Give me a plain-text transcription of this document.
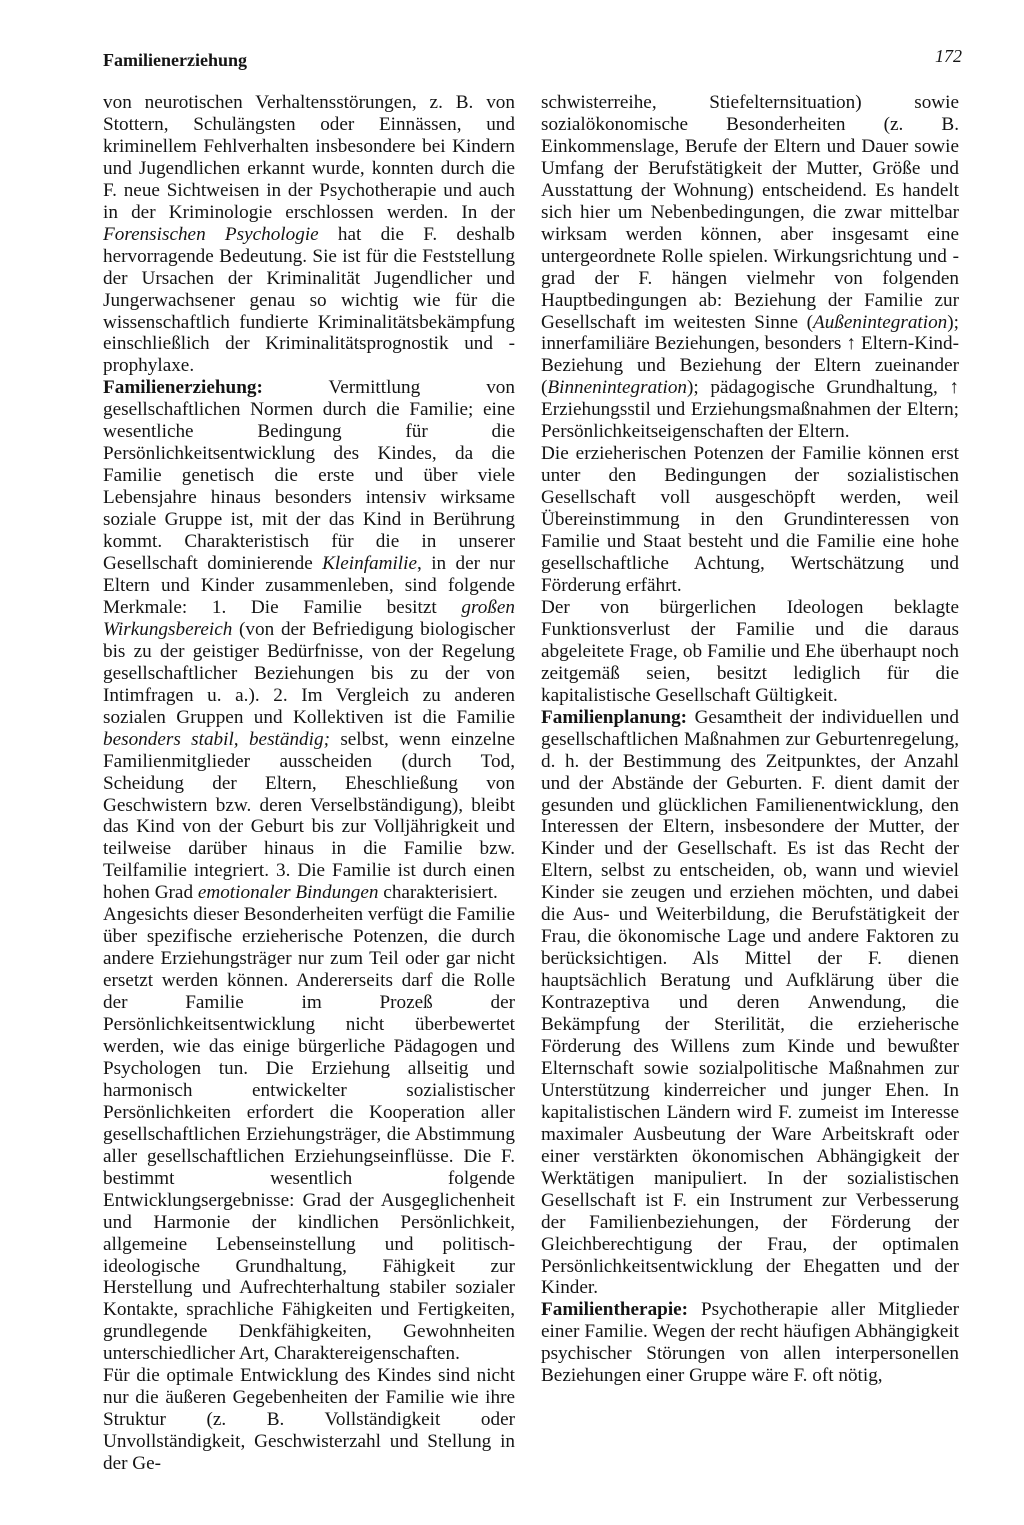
Familienerziehung	172

von neurotischen Verhaltensstörungen, z. B. von Stottern, Schulängsten oder Einnässen, und kriminellem Fehlverhalten insbesondere bei Kindern und Jugendlichen erkannt wurde, konnten durch die F. neue Sichtweisen in der Psychotherapie und auch in der Kriminologie erschlossen werden. In der Forensischen Psychologie hat die F. deshalb hervorragende Bedeutung. Sie ist für die Feststellung der Ursachen der Kriminalität Jugendlicher und Jungerwachsener genau so wichtig wie für die wissenschaftlich fundierte Kriminalitätsbekämpfung einschließlich der Kriminalitätsprognostik und -prophylaxe.

Familienerziehung: Vermittlung von gesellschaftlichen Normen durch die Familie; eine wesentliche Bedingung für die Persönlichkeitsentwicklung des Kindes, da die Familie genetisch die erste und über viele Lebensjahre hinaus besonders intensiv wirksame soziale Gruppe ist, mit der das Kind in Berührung kommt. Charakteristisch für die in unserer Gesellschaft dominierende Kleinfamilie, in der nur Eltern und Kinder zusammenleben, sind folgende Merkmale: 1. Die Familie besitzt großen Wirkungsbereich (von der Befriedigung biologischer bis zu der geistiger Bedürfnisse, von der Regelung gesellschaftlicher Beziehungen bis zu der von Intimfragen u. a.). 2. Im Vergleich zu anderen sozialen Gruppen und Kollektiven ist die Familie besonders stabil, beständig; selbst, wenn einzelne Familienmitglieder ausscheiden (durch Tod, Scheidung der Eltern, Eheschließung von Geschwistern bzw. deren Verselbständigung), bleibt das Kind von der Geburt bis zur Volljährigkeit und teilweise darüber hinaus in die Familie bzw. Teilfamilie integriert. 3. Die Familie ist durch einen hohen Grad emotionaler Bindungen charakterisiert.

Angesichts dieser Besonderheiten verfügt die Familie über spezifische erzieherische Potenzen, die durch andere Erziehungsträger nur zum Teil oder gar nicht ersetzt werden können. Andererseits darf die Rolle der Familie im Prozeß der Persönlichkeitsentwicklung nicht überbewertet werden, wie das einige bürgerliche Pädagogen und Psychologen tun. Die Erziehung allseitig und harmonisch entwickelter sozialistischer Persönlichkeiten erfordert die Kooperation aller gesellschaftlichen Erziehungsträger, die Abstimmung aller gesellschaftlichen Erziehungseinflüsse. Die F. bestimmt wesentlich folgende Entwicklungsergebnisse: Grad der Ausgeglichenheit und Harmonie der kindlichen Persönlichkeit, allgemeine Lebenseinstellung und politisch-ideologische Grundhaltung, Fähigkeit zur Herstellung und Aufrechterhaltung stabiler sozialer Kontakte, sprachliche Fähigkeiten und Fertigkeiten, grundlegende Denkfähigkeiten, Gewohnheiten unterschiedlicher Art, Charaktereigenschaften.

Für die optimale Entwicklung des Kindes sind nicht nur die äußeren Gegebenheiten der Familie wie ihre Struktur (z. B. Vollständigkeit oder Unvollständigkeit, Geschwisterzahl und Stellung in der Ge-

schwisterreihe, Stiefelternsituation) sowie sozialökonomische Besonderheiten (z. B. Einkommenslage, Berufe der Eltern und Dauer sowie Umfang der Berufstätigkeit der Mutter, Größe und Ausstattung der Wohnung) entscheidend. Es handelt sich hier um Nebenbedingungen, die zwar mittelbar wirksam werden können, aber insgesamt eine untergeordnete Rolle spielen. Wirkungsrichtung und -grad der F. hängen vielmehr von folgenden Hauptbedingungen ab: Beziehung der Familie zur Gesellschaft im weitesten Sinne (Außenintegration); innerfamiliäre Beziehungen, besonders ↑ Eltern-Kind-Beziehung und Beziehung der Eltern zueinander (Binnenintegration); pädagogische Grundhaltung, ↑ Erziehungsstil und Erziehungsmaßnahmen der Eltern; Persönlichkeitseigenschaften der Eltern.

Die erzieherischen Potenzen der Familie können erst unter den Bedingungen der sozialistischen Gesellschaft voll ausgeschöpft werden, weil Übereinstimmung in den Grundinteressen von Familie und Staat besteht und die Familie eine hohe gesellschaftliche Achtung, Wertschätzung und Förderung erfährt.

Der von bürgerlichen Ideologen beklagte Funktionsverlust der Familie und die daraus abgeleitete Frage, ob Familie und Ehe überhaupt noch zeitgemäß seien, besitzt lediglich für die kapitalistische Gesellschaft Gültigkeit.

Familienplanung: Gesamtheit der individuellen und gesellschaftlichen Maßnahmen zur Geburtenregelung, d. h. der Bestimmung des Zeitpunktes, der Anzahl und der Abstände der Geburten. F. dient damit der gesunden und glücklichen Familienentwicklung, den Interessen der Eltern, insbesondere der Mutter, der Kinder und der Gesellschaft. Es ist das Recht der Eltern, selbst zu entscheiden, ob, wann und wieviel Kinder sie zeugen und erziehen möchten, und dabei die Aus- und Weiterbildung, die Berufstätigkeit der Frau, die ökonomische Lage und andere Faktoren zu berücksichtigen. Als Mittel der F. dienen hauptsächlich Beratung und Aufklärung über die Kontrazeptiva und deren Anwendung, die Bekämpfung der Sterilität, die erzieherische Förderung des Willens zum Kinde und bewußter Elternschaft sowie sozialpolitische Maßnahmen zur Unterstützung kinderreicher und junger Ehen. In kapitalistischen Ländern wird F. zumeist im Interesse maximaler Ausbeutung der Ware Arbeitskraft oder einer verstärkten ökonomischen Abhängigkeit der Werktätigen manipuliert. In der sozialistischen Gesellschaft ist F. ein Instrument zur Verbesserung der Familienbeziehungen, der Förderung der Gleichberechtigung der Frau, der optimalen Persönlichkeitsentwicklung der Ehegatten und der Kinder.

Familientherapie: Psychotherapie aller Mitglieder einer Familie. Wegen der recht häufigen Abhängigkeit psychischer Störungen von allen interpersonellen Beziehungen einer Gruppe wäre F. oft nötig,
